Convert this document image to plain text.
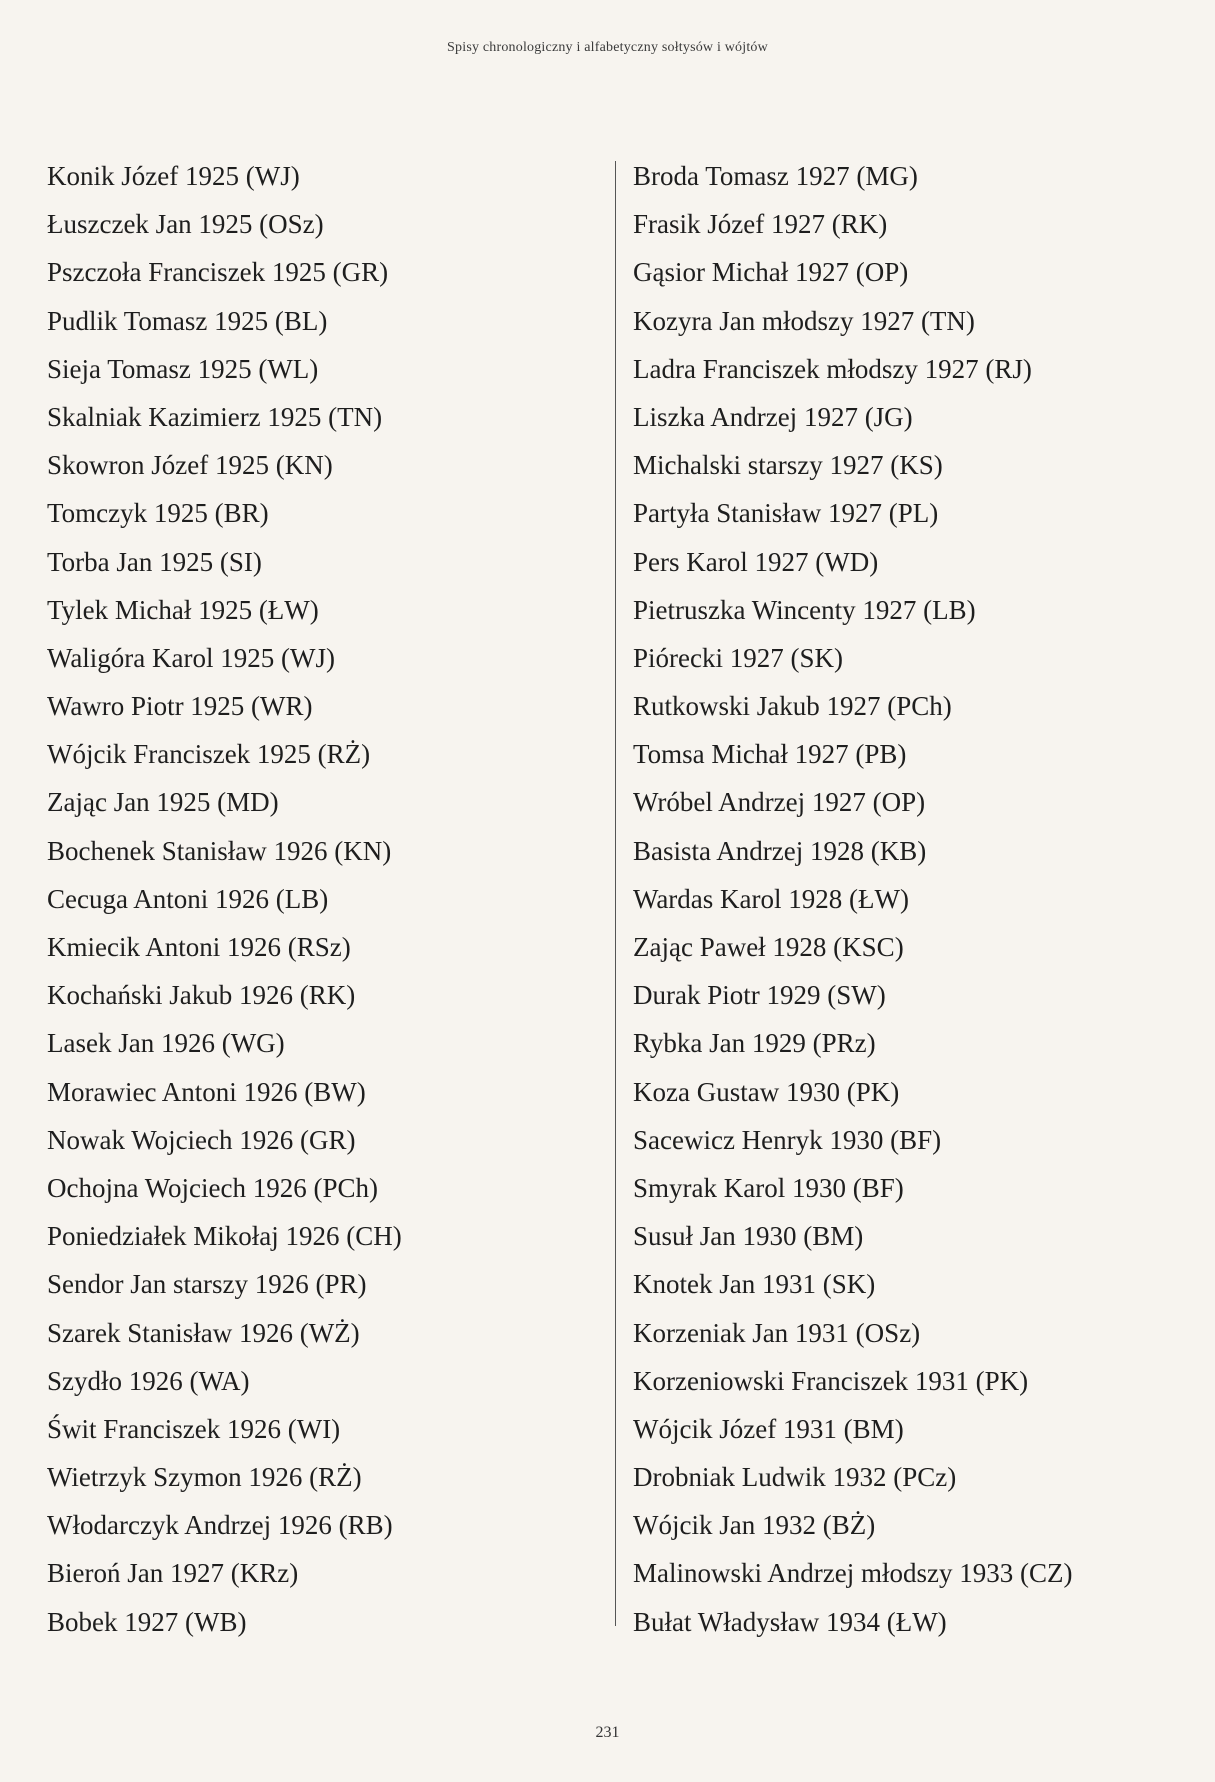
Spisy chronologiczny i alfabetyczny sołtysów i wójtów
Konik Józef 1925 (WJ)
Łuszczek Jan 1925 (OSz)
Pszczoła Franciszek 1925 (GR)
Pudlik Tomasz 1925 (BL)
Sieja Tomasz 1925 (WL)
Skalniak Kazimierz 1925 (TN)
Skowron Józef 1925 (KN)
Tomczyk 1925 (BR)
Torba Jan 1925 (SI)
Tylek Michał 1925 (ŁW)
Waligóra Karol 1925 (WJ)
Wawro Piotr 1925 (WR)
Wójcik Franciszek 1925 (RŻ)
Zając Jan 1925 (MD)
Bochenek Stanisław 1926 (KN)
Cecuga Antoni 1926 (LB)
Kmiecik Antoni 1926 (RSz)
Kochański Jakub 1926 (RK)
Lasek Jan 1926 (WG)
Morawiec Antoni 1926 (BW)
Nowak Wojciech 1926 (GR)
Ochojna Wojciech 1926 (PCh)
Poniedziałek Mikołaj 1926 (CH)
Sendor Jan starszy 1926 (PR)
Szarek Stanisław 1926 (WŻ)
Szydło 1926 (WA)
Świt Franciszek 1926 (WI)
Wietrzyk Szymon 1926 (RŻ)
Włodarczyk Andrzej 1926 (RB)
Bieroń Jan 1927 (KRz)
Bobek 1927 (WB)
Broda Tomasz 1927 (MG)
Frasik Józef 1927 (RK)
Gąsior Michał 1927 (OP)
Kozyra Jan młodszy 1927 (TN)
Ladra Franciszek młodszy 1927 (RJ)
Liszka Andrzej 1927 (JG)
Michalski starszy 1927 (KS)
Partyła Stanisław 1927 (PL)
Pers Karol 1927 (WD)
Pietruszka Wincenty 1927 (LB)
Piórecki 1927 (SK)
Rutkowski Jakub 1927 (PCh)
Tomsa Michał 1927 (PB)
Wróbel Andrzej 1927 (OP)
Basista Andrzej 1928 (KB)
Wardas Karol 1928 (ŁW)
Zając Paweł 1928 (KSC)
Durak Piotr 1929 (SW)
Rybka Jan 1929 (PRz)
Koza Gustaw 1930 (PK)
Sacewicz Henryk 1930 (BF)
Smyrak Karol 1930 (BF)
Susuł Jan 1930 (BM)
Knotek Jan 1931 (SK)
Korzeniak Jan 1931 (OSz)
Korzeniowski Franciszek 1931 (PK)
Wójcik Józef 1931 (BM)
Drobniak Ludwik 1932 (PCz)
Wójcik Jan 1932 (BŻ)
Malinowski Andrzej młodszy 1933 (CZ)
Bułat Władysław 1934 (ŁW)
231
